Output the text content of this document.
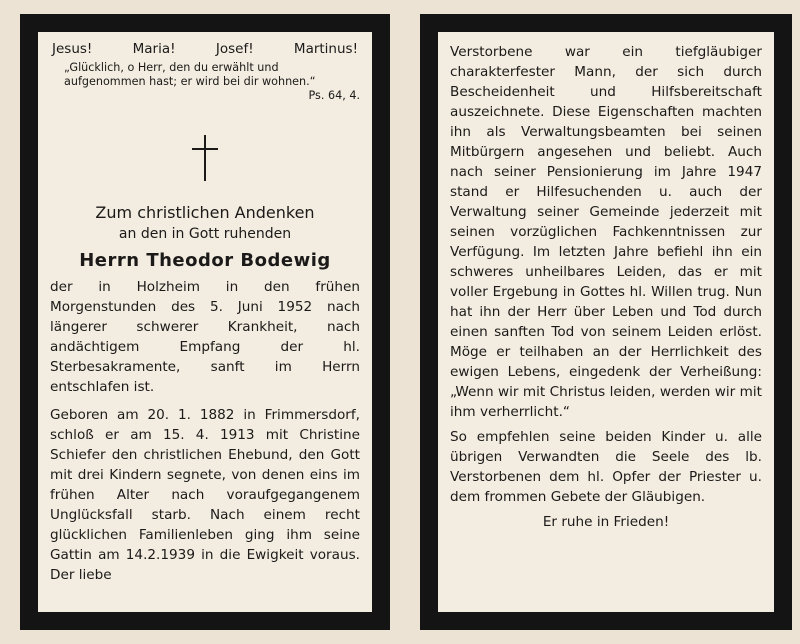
Jesus!	Maria!	Josef!	Martinus!
„Glücklich, o Herr, den du erwählt und aufgenommen hast; er wird bei dir wohnen.“
Ps. 64, 4.
Zum christlichen Andenken
an den in Gott ruhenden
Herrn Theodor Bodewig

der in Holzheim in den frühen Morgenstunden des 5. Juni 1952 nach längerer schwerer Krankheit, nach andächtigem Empfang der hl. Sterbesakramente, sanft im Herrn entschlafen ist.

Geboren am 20. 1. 1882 in Frimmersdorf, schloß er am 15. 4. 1913 mit Christine Schiefer den christlichen Ehebund, den Gott mit drei Kindern segnete, von denen eins im frühen Alter nach voraufgegangenem Unglücksfall starb. Nach einem recht glücklichen Familienleben ging ihm seine Gattin am 14.2.1939 in die Ewigkeit voraus. Der liebe

Verstorbene war ein tiefgläubiger charakterfester Mann, der sich durch Bescheidenheit und Hilfsbereitschaft auszeichnete. Diese Eigenschaften machten ihn als Verwaltungsbeamten bei seinen Mitbürgern angesehen und beliebt. Auch nach seiner Pensionierung im Jahre 1947 stand er Hilfesuchenden u. auch der Verwaltung seiner Gemeinde jederzeit mit seinen vorzüglichen Fachkenntnissen zur Verfügung. Im letzten Jahre befiehl ihn ein schweres unheilbares Leiden, das er mit voller Ergebung in Gottes hl. Willen trug. Nun hat ihn der Herr über Leben und Tod durch einen sanften Tod von seinem Leiden erlöst. Möge er teilhaben an der Herrlichkeit des ewigen Lebens, eingedenk der Verheißung: „Wenn wir mit Christus leiden, werden wir mit ihm verherrlicht.“

So empfehlen seine beiden Kinder u. alle übrigen Verwandten die Seele des lb. Verstorbenen dem hl. Opfer der Priester u. dem frommen Gebete der Gläubigen.

Er ruhe in Frieden!
